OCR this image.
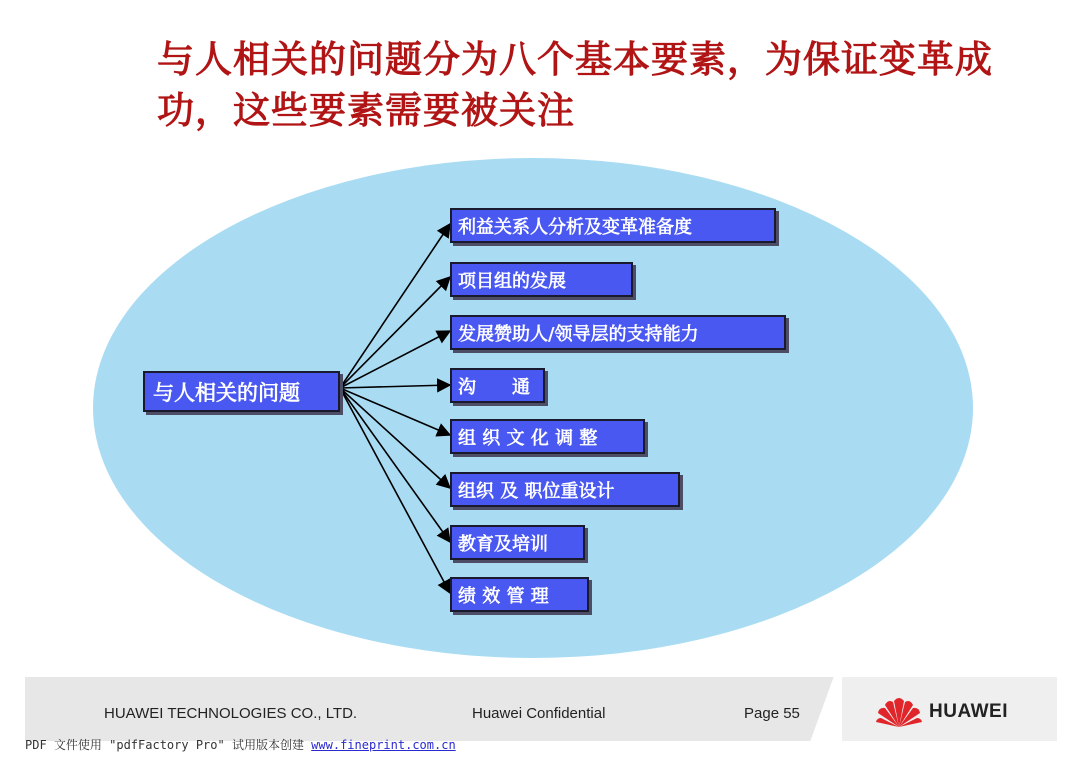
与人相关的问题分为八个基本要素，为保证变革成功，这些要素需要被关注
与人相关的问题
利益关系人分析及变革准备度
项目组的发展
发展赞助人/领导层的支持能力
沟　　通
组 织 文 化 调 整
组织 及 职位重设计
教育及培训
绩 效 管 理
HUAWEI TECHNOLOGIES CO., LTD.	Huawei Confidential	Page 55	HUAWEI
PDF 文件使用 "pdfFactory Pro" 试用版本创建 www.fineprint.com.cn
